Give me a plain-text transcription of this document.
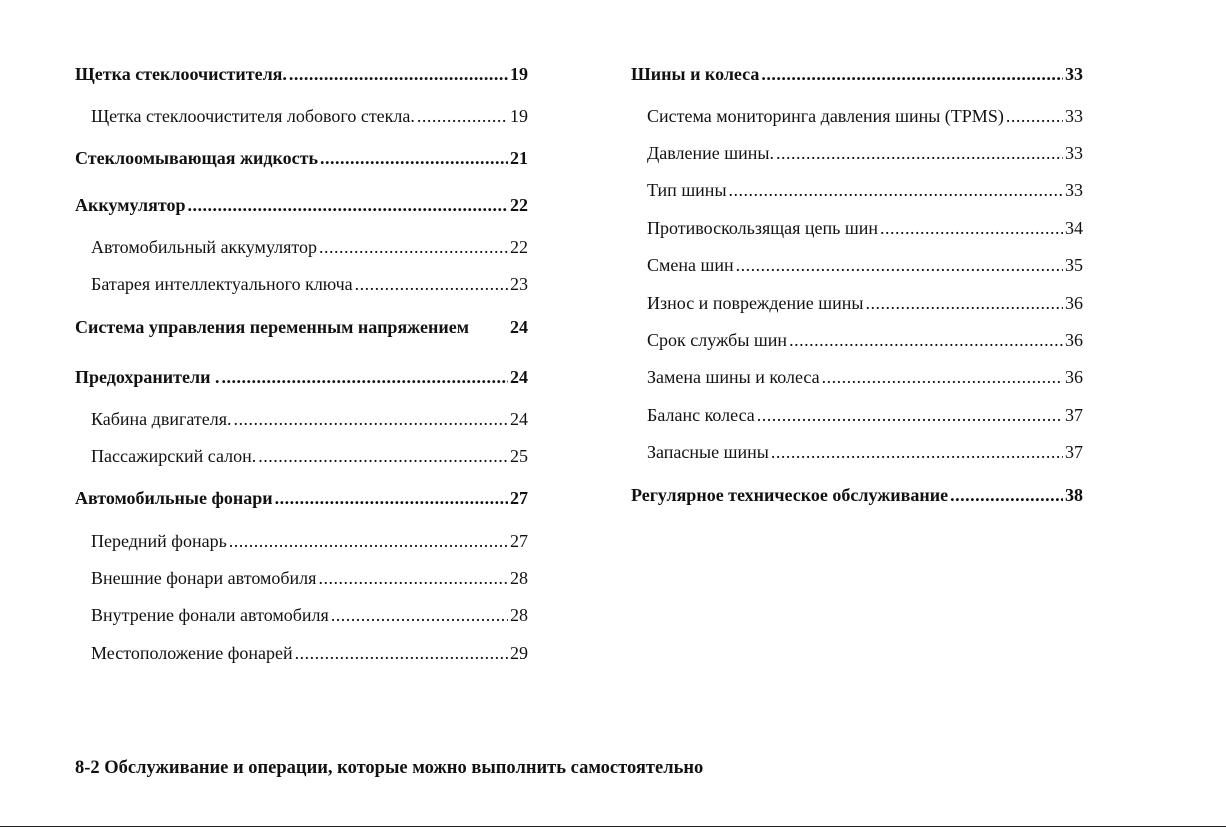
Щетка стеклоочистителя. .....	19
Щетка стеклоочистителя лобового стекла. .....	19
Стеклоомывающая жидкость .....	21
Аккумулятор .....	22
Автомобильный аккумулятор .....	22
Батарея интеллектуального ключа .....	23
Система управления переменным напряжением 24
Предохранители . .....	24
Кабина двигателя. .....	24
Пассажирский салон. .....	25
Автомобильные фонари .....	27
Передний фонарь .....	27
Внешние фонари автомобиля .....	28
Внутрение фонали автомобиля .....	28
Местоположение фонарей .....	29
Шины и колеса .....	33
Система мониторинга давления шины (TPMS) .....	33
Давление шины. .....	33
Тип шины .....	33
Противоскользящая цепь шин .....	34
Смена шин .....	35
Износ и повреждение шины .....	36
Срок службы шин .....	36
Замена шины и колеса .....	36
Баланс колеса .....	37
Запасные шины .....	37
Регулярное техническое обслуживание .....	38
8-2 Обслуживание и операции, которые можно выполнить самостоятельно
